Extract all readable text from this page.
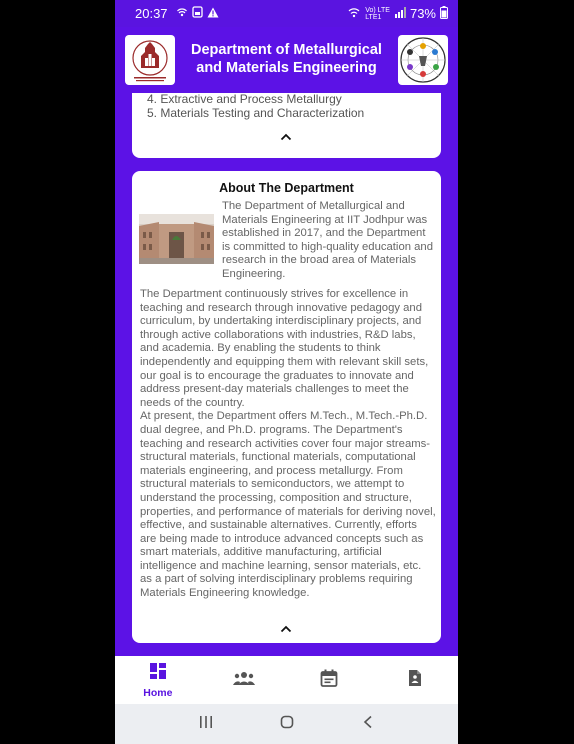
20:37	Vo) LTE
LTE1	73%
Department of Metallurgical and Materials Engineering
4. Extractive and Process Metallurgy
5. Materials Testing and Characterization
About The Department
The Department of Metallurgical and Materials Engineering at IIT Jodhpur was established in 2017, and the Department is committed to high-quality education and research in the broad area of Materials Engineering.

The Department continuously strives for excellence in teaching and research through innovative pedagogy and curriculum, by undertaking interdisciplinary projects, and through active collaborations with industries, R&D labs, and academia. By enabling the students to think independently and equipping them with relevant skill sets, our goal is to encourage the graduates to innovate and address present-day materials challenges to meet the needs of the country.

At present, the Department offers M.Tech., M.Tech.-Ph.D. dual degree, and Ph.D. programs. The Department's teaching and research activities cover four major streams- structural materials, functional materials, computational materials engineering, and process metallurgy. From structural materials to semiconductors, we attempt to understand the processing, composition and structure, properties, and performance of materials for deriving novel, effective, and sustainable alternatives. Currently, efforts are being made to introduce advanced concepts such as smart materials, additive manufacturing, artificial intelligence and machine learning, sensor materials, etc. as a part of solving interdisciplinary problems requiring Materials Engineering knowledge.

Home
